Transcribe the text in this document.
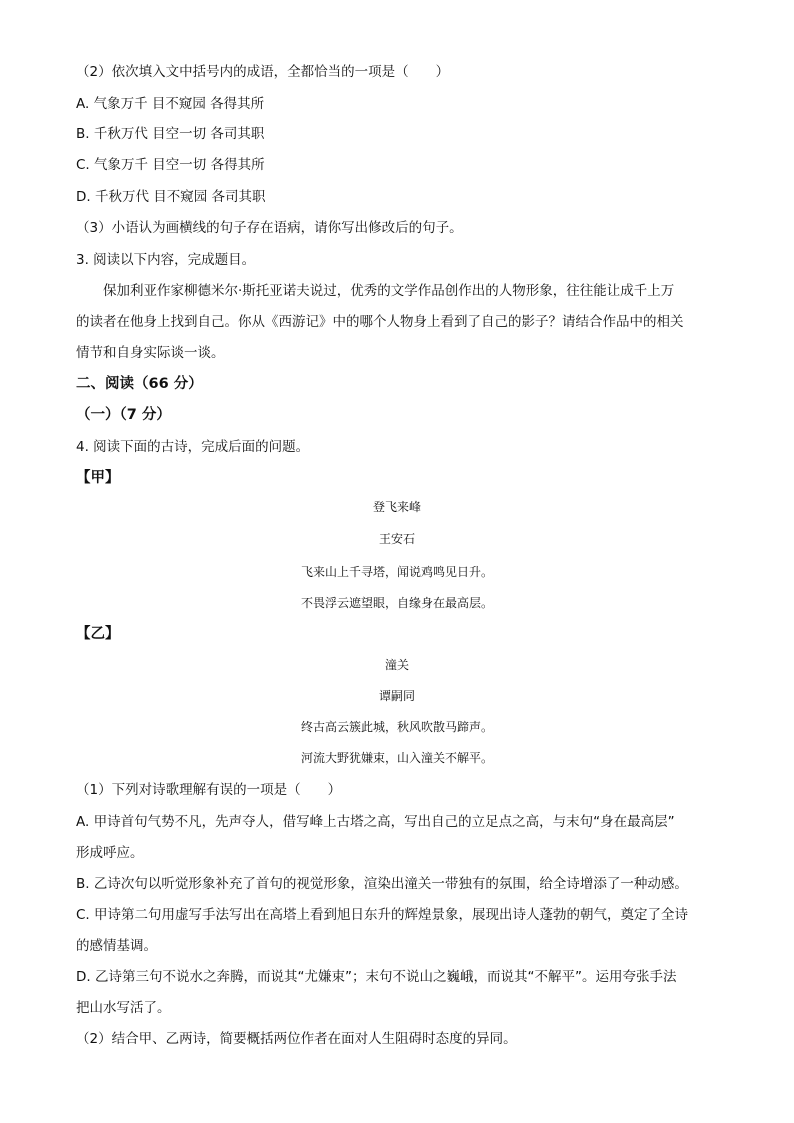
（2）依次填入文中括号内的成语，全都恰当的一项是（　　）
A. 气象万千 目不窥园 各得其所
B. 千秋万代 目空一切 各司其职
C. 气象万千 目空一切 各得其所
D. 千秋万代 目不窥园 各司其职
（3）小语认为画横线的句子存在语病，请你写出修改后的句子。
3. 阅读以下内容，完成题目。
保加利亚作家柳德米尔·斯托亚诺夫说过，优秀的文学作品创作出的人物形象，往往能让成千上万
的读者在他身上找到自己。你从《西游记》中的哪个人物身上看到了自己的影子？请结合作品中的相关
情节和自身实际谈一谈。
二、阅读（66 分）
（一）（7 分）
4. 阅读下面的古诗，完成后面的问题。
【甲】
登飞来峰
王安石
飞来山上千寻塔，闻说鸡鸣见日升。
不畏浮云遮望眼，自缘身在最高层。
【乙】
潼关
谭嗣同
终古高云簇此城，秋风吹散马蹄声。
河流大野犹嫌束，山入潼关不解平。
（1）下列对诗歌理解有误的一项是（　　）
A. 甲诗首句气势不凡，先声夺人，借写峰上古塔之高，写出自己的立足点之高，与末句“身在最高层”
形成呼应。
B. 乙诗次句以听觉形象补充了首句的视觉形象，渲染出潼关一带独有的氛围，给全诗增添了一种动感。
C. 甲诗第二句用虚写手法写出在高塔上看到旭日东升的辉煌景象，展现出诗人蓬勃的朝气，奠定了全诗
的感情基调。
D. 乙诗第三句不说水之奔腾，而说其“尤嫌束”；末句不说山之巍峨，而说其“不解平”。运用夸张手法
把山水写活了。
（2）结合甲、乙两诗，简要概括两位作者在面对人生阻碍时态度的异同。
